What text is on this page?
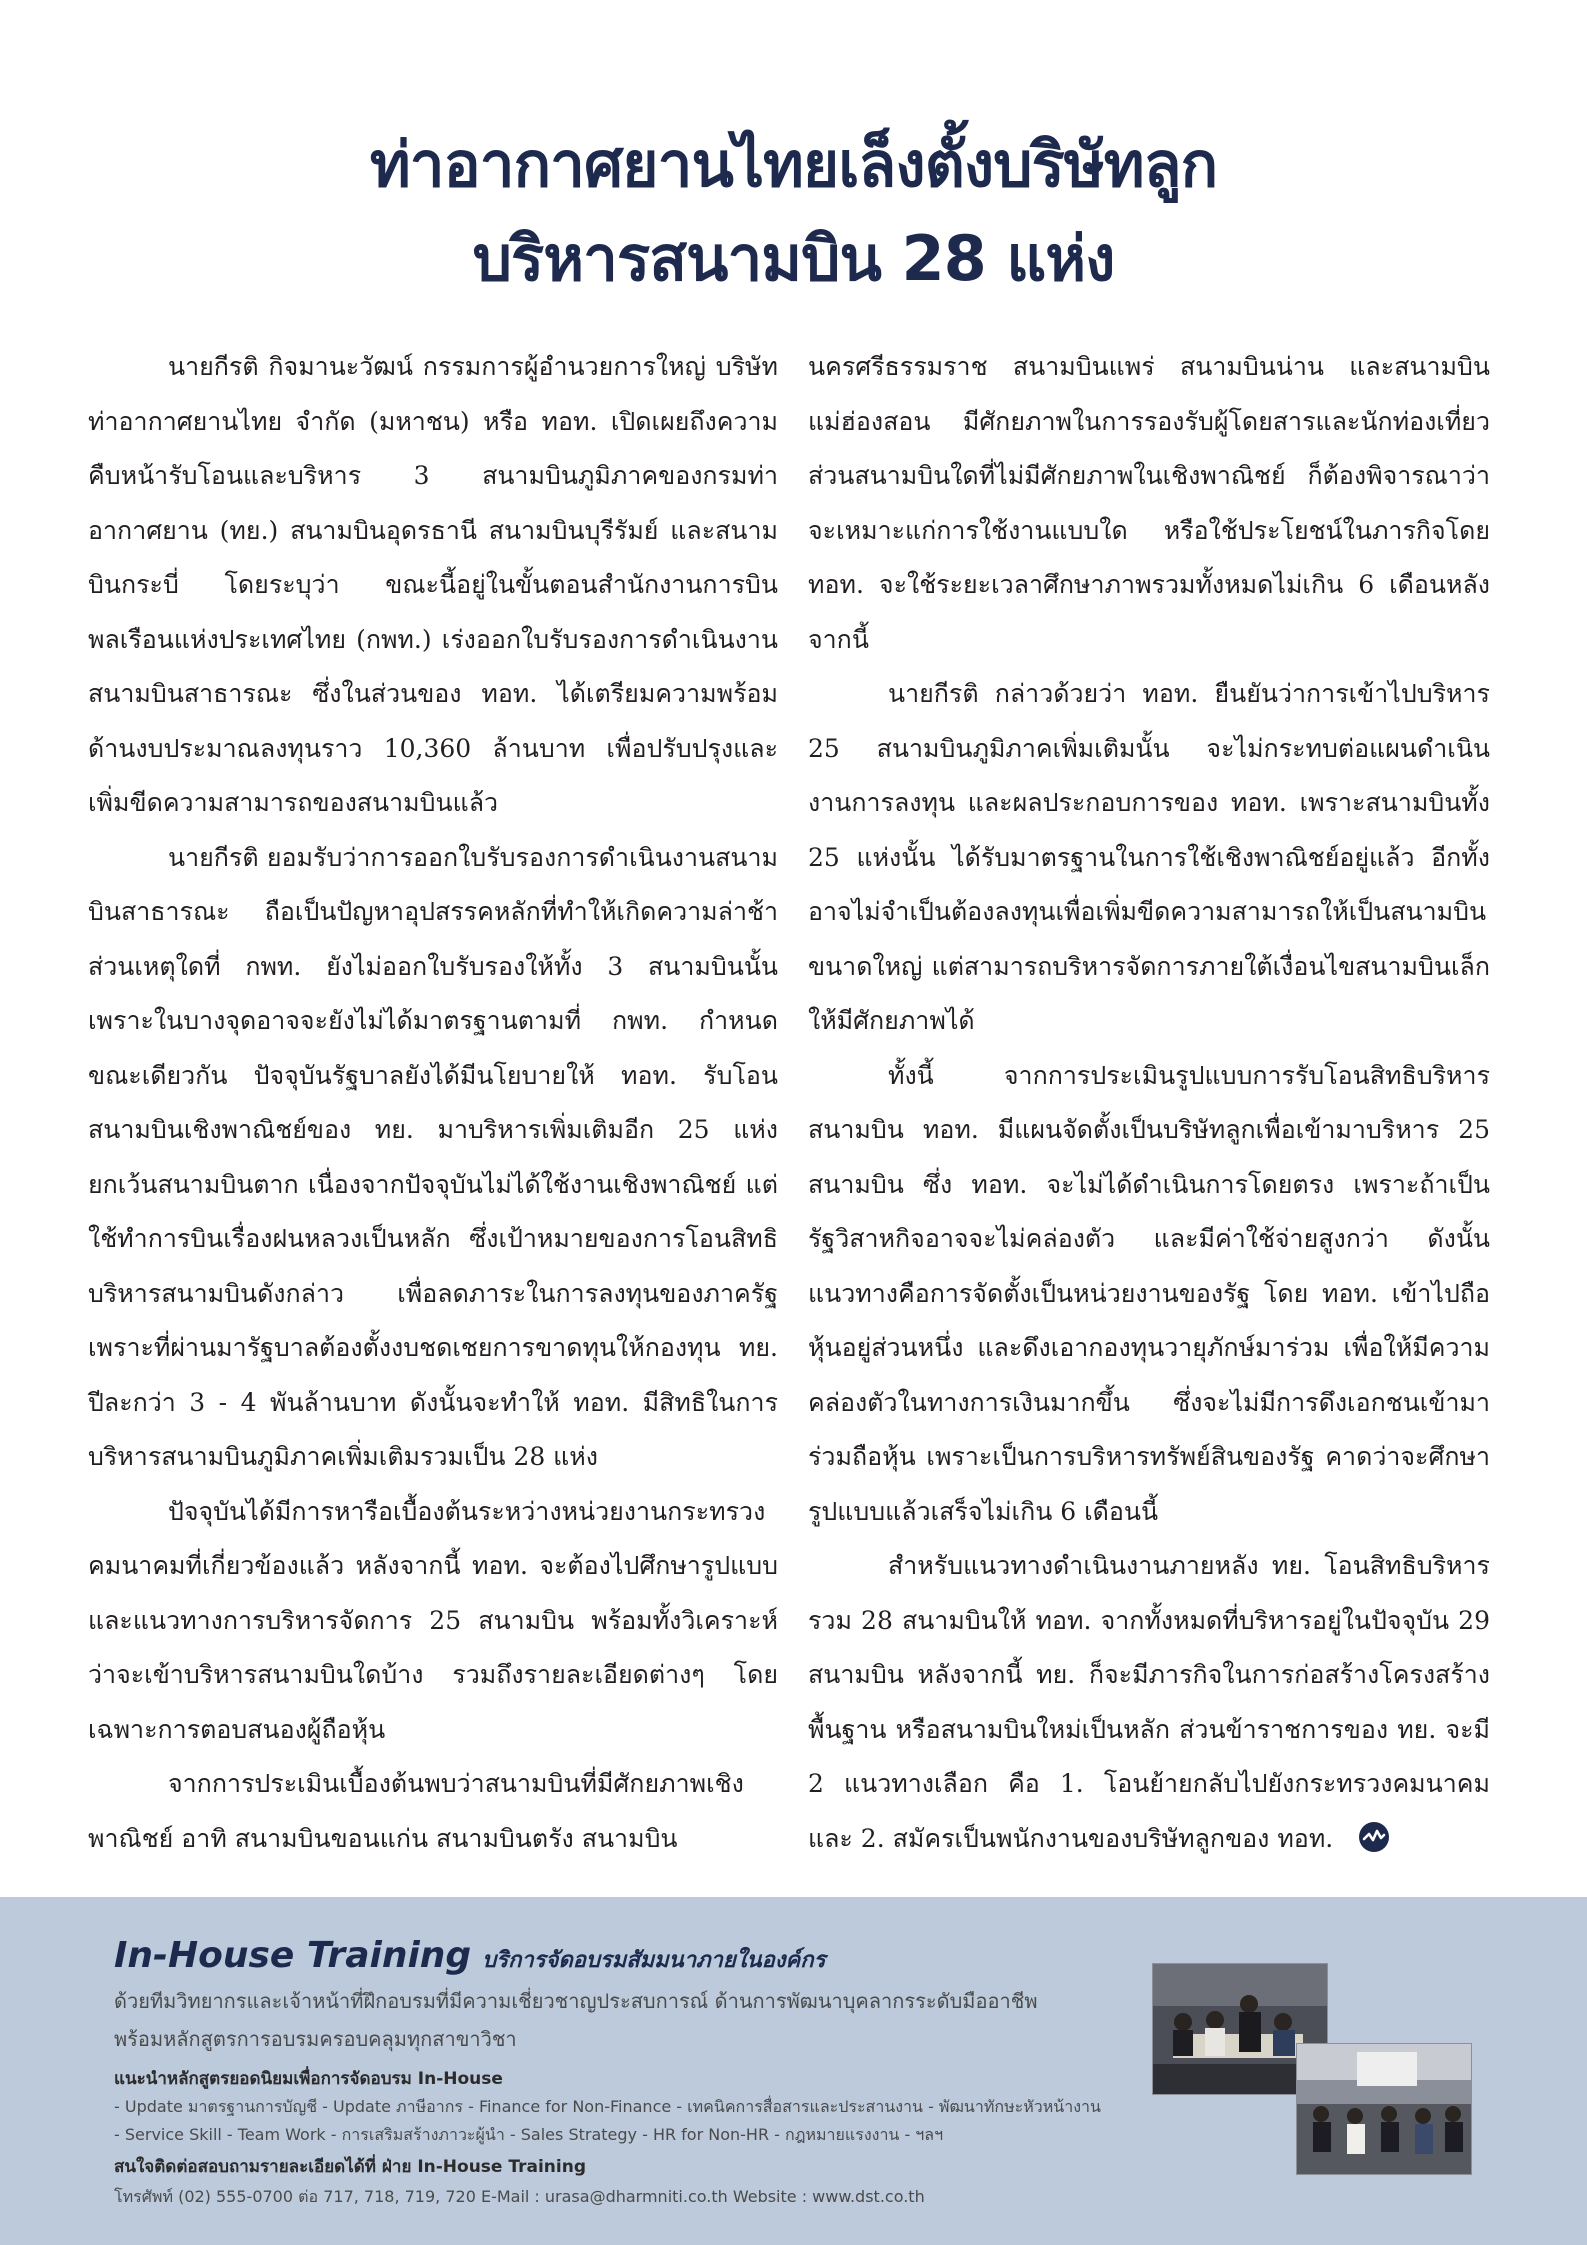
ท่าอากาศยานไทยเล็งตั้งบริษัทลูก
บริหารสนามบิน 28 แห่ง

นายกีรติ กิจมานะวัฒน์ กรรมการผู้อำนวยการใหญ่ บริษัท ท่าอากาศยานไทย จำกัด (มหาชน) หรือ ทอท. เปิดเผยถึงความคืบหน้ารับโอนและบริหาร 3 สนามบินภูมิภาคของกรมท่าอากาศยาน (ทย.) สนามบินอุดรธานี สนามบินบุรีรัมย์ และสนามบินกระบี่ โดยระบุว่า ขณะนี้อยู่ในขั้นตอนสำนักงานการบินพลเรือนแห่งประเทศไทย (กพท.) เร่งออกใบรับรองการดำเนินงานสนามบินสาธารณะ ซึ่งในส่วนของ ทอท. ได้เตรียมความพร้อมด้านงบประมาณลงทุนราว 10,360 ล้านบาท เพื่อปรับปรุงและเพิ่มขีดความสามารถของสนามบินแล้ว

นายกีรติ ยอมรับว่าการออกใบรับรองการดำเนินงานสนามบินสาธารณะ ถือเป็นปัญหาอุปสรรคหลักที่ทำให้เกิดความล่าช้า ส่วนเหตุใดที่ กพท. ยังไม่ออกใบรับรองให้ทั้ง 3 สนามบินนั้น เพราะในบางจุดอาจจะยังไม่ได้มาตรฐานตามที่ กพท. กำหนด ขณะเดียวกัน ปัจจุบันรัฐบาลยังได้มีนโยบายให้ ทอท. รับโอนสนามบินเชิงพาณิชย์ของ ทย. มาบริหารเพิ่มเติมอีก 25 แห่ง ยกเว้นสนามบินตาก เนื่องจากปัจจุบันไม่ได้ใช้งานเชิงพาณิชย์ แต่ใช้ทำการบินเรื่องฝนหลวงเป็นหลัก ซึ่งเป้าหมายของการโอนสิทธิบริหารสนามบินดังกล่าว เพื่อลดภาระในการลงทุนของภาครัฐ เพราะที่ผ่านมารัฐบาลต้องตั้งงบชดเชยการขาดทุนให้กองทุน ทย. ปีละกว่า 3 - 4 พันล้านบาท ดังนั้นจะทำให้ ทอท. มีสิทธิในการบริหารสนามบินภูมิภาคเพิ่มเติมรวมเป็น 28 แห่ง

ปัจจุบันได้มีการหารือเบื้องต้นระหว่างหน่วยงานกระทรวงคมนาคมที่เกี่ยวข้องแล้ว หลังจากนี้ ทอท. จะต้องไปศึกษารูปแบบและแนวทางการบริหารจัดการ 25 สนามบิน พร้อมทั้งวิเคราะห์ว่าจะเข้าบริหารสนามบินใดบ้าง รวมถึงรายละเอียดต่างๆ โดยเฉพาะการตอบสนองผู้ถือหุ้น

จากการประเมินเบื้องต้นพบว่าสนามบินที่มีศักยภาพเชิงพาณิชย์ อาทิ สนามบินขอนแก่น สนามบินตรัง สนามบิน

นครศรีธรรมราช สนามบินแพร่ สนามบินน่าน และสนามบินแม่ฮ่องสอน มีศักยภาพในการรองรับผู้โดยสารและนักท่องเที่ยว ส่วนสนามบินใดที่ไม่มีศักยภาพในเชิงพาณิชย์ ก็ต้องพิจารณาว่าจะเหมาะแก่การใช้งานแบบใด หรือใช้ประโยชน์ในภารกิจโดย ทอท. จะใช้ระยะเวลาศึกษาภาพรวมทั้งหมดไม่เกิน 6 เดือนหลังจากนี้

นายกีรติ กล่าวด้วยว่า ทอท. ยืนยันว่าการเข้าไปบริหาร 25 สนามบินภูมิภาคเพิ่มเติมนั้น จะไม่กระทบต่อแผนดำเนินงานการลงทุน และผลประกอบการของ ทอท. เพราะสนามบินทั้ง 25 แห่งนั้น ได้รับมาตรฐานในการใช้เชิงพาณิชย์อยู่แล้ว อีกทั้งอาจไม่จำเป็นต้องลงทุนเพื่อเพิ่มขีดความสามารถให้เป็นสนามบินขนาดใหญ่ แต่สามารถบริหารจัดการภายใต้เงื่อนไขสนามบินเล็กให้มีศักยภาพได้

ทั้งนี้ จากการประเมินรูปแบบการรับโอนสิทธิบริหารสนามบิน ทอท. มีแผนจัดตั้งเป็นบริษัทลูกเพื่อเข้ามาบริหาร 25 สนามบิน ซึ่ง ทอท. จะไม่ได้ดำเนินการโดยตรง เพราะถ้าเป็นรัฐวิสาหกิจอาจจะไม่คล่องตัว และมีค่าใช้จ่ายสูงกว่า ดังนั้นแนวทางคือการจัดตั้งเป็นหน่วยงานของรัฐ โดย ทอท. เข้าไปถือหุ้นอยู่ส่วนหนึ่ง และดึงเอากองทุนวายุภักษ์มาร่วม เพื่อให้มีความคล่องตัวในทางการเงินมากขึ้น ซึ่งจะไม่มีการดึงเอกชนเข้ามาร่วมถือหุ้น เพราะเป็นการบริหารทรัพย์สินของรัฐ คาดว่าจะศึกษารูปแบบแล้วเสร็จไม่เกิน 6 เดือนนี้

สำหรับแนวทางดำเนินงานภายหลัง ทย. โอนสิทธิบริหารรวม 28 สนามบินให้ ทอท. จากทั้งหมดที่บริหารอยู่ในปัจจุบัน 29 สนามบิน หลังจากนี้ ทย. ก็จะมีภารกิจในการก่อสร้างโครงสร้างพื้นฐาน หรือสนามบินใหม่เป็นหลัก ส่วนข้าราชการของ ทย. จะมี 2 แนวทางเลือก คือ 1. โอนย้ายกลับไปยังกระทรวงคมนาคม และ 2. สมัครเป็นพนักงานของบริษัทลูกของ ทอท.

In-House Training บริการจัดอบรมสัมมนาภายในองค์กร
ด้วยทีมวิทยากรและเจ้าหน้าที่ฝึกอบรมที่มีความเชี่ยวชาญประสบการณ์ ด้านการพัฒนาบุคลากรระดับมืออาชีพ
พร้อมหลักสูตรการอบรมครอบคลุมทุกสาขาวิชา
แนะนำหลักสูตรยอดนิยมเพื่อการจัดอบรม In-House
- Update มาตรฐานการบัญชี - Update ภาษีอากร - Finance for Non-Finance - เทคนิคการสื่อสารและประสานงาน - พัฒนาทักษะหัวหน้างาน
- Service Skill - Team Work - การเสริมสร้างภาวะผู้นำ - Sales Strategy - HR for Non-HR - กฎหมายแรงงาน - ฯลฯ
สนใจติดต่อสอบถามรายละเอียดได้ที่ ฝ่าย In-House Training
โทรศัพท์ (02) 555-0700 ต่อ 717, 718, 719, 720 E-Mail : urasa@dharmniti.co.th Website : www.dst.co.th
